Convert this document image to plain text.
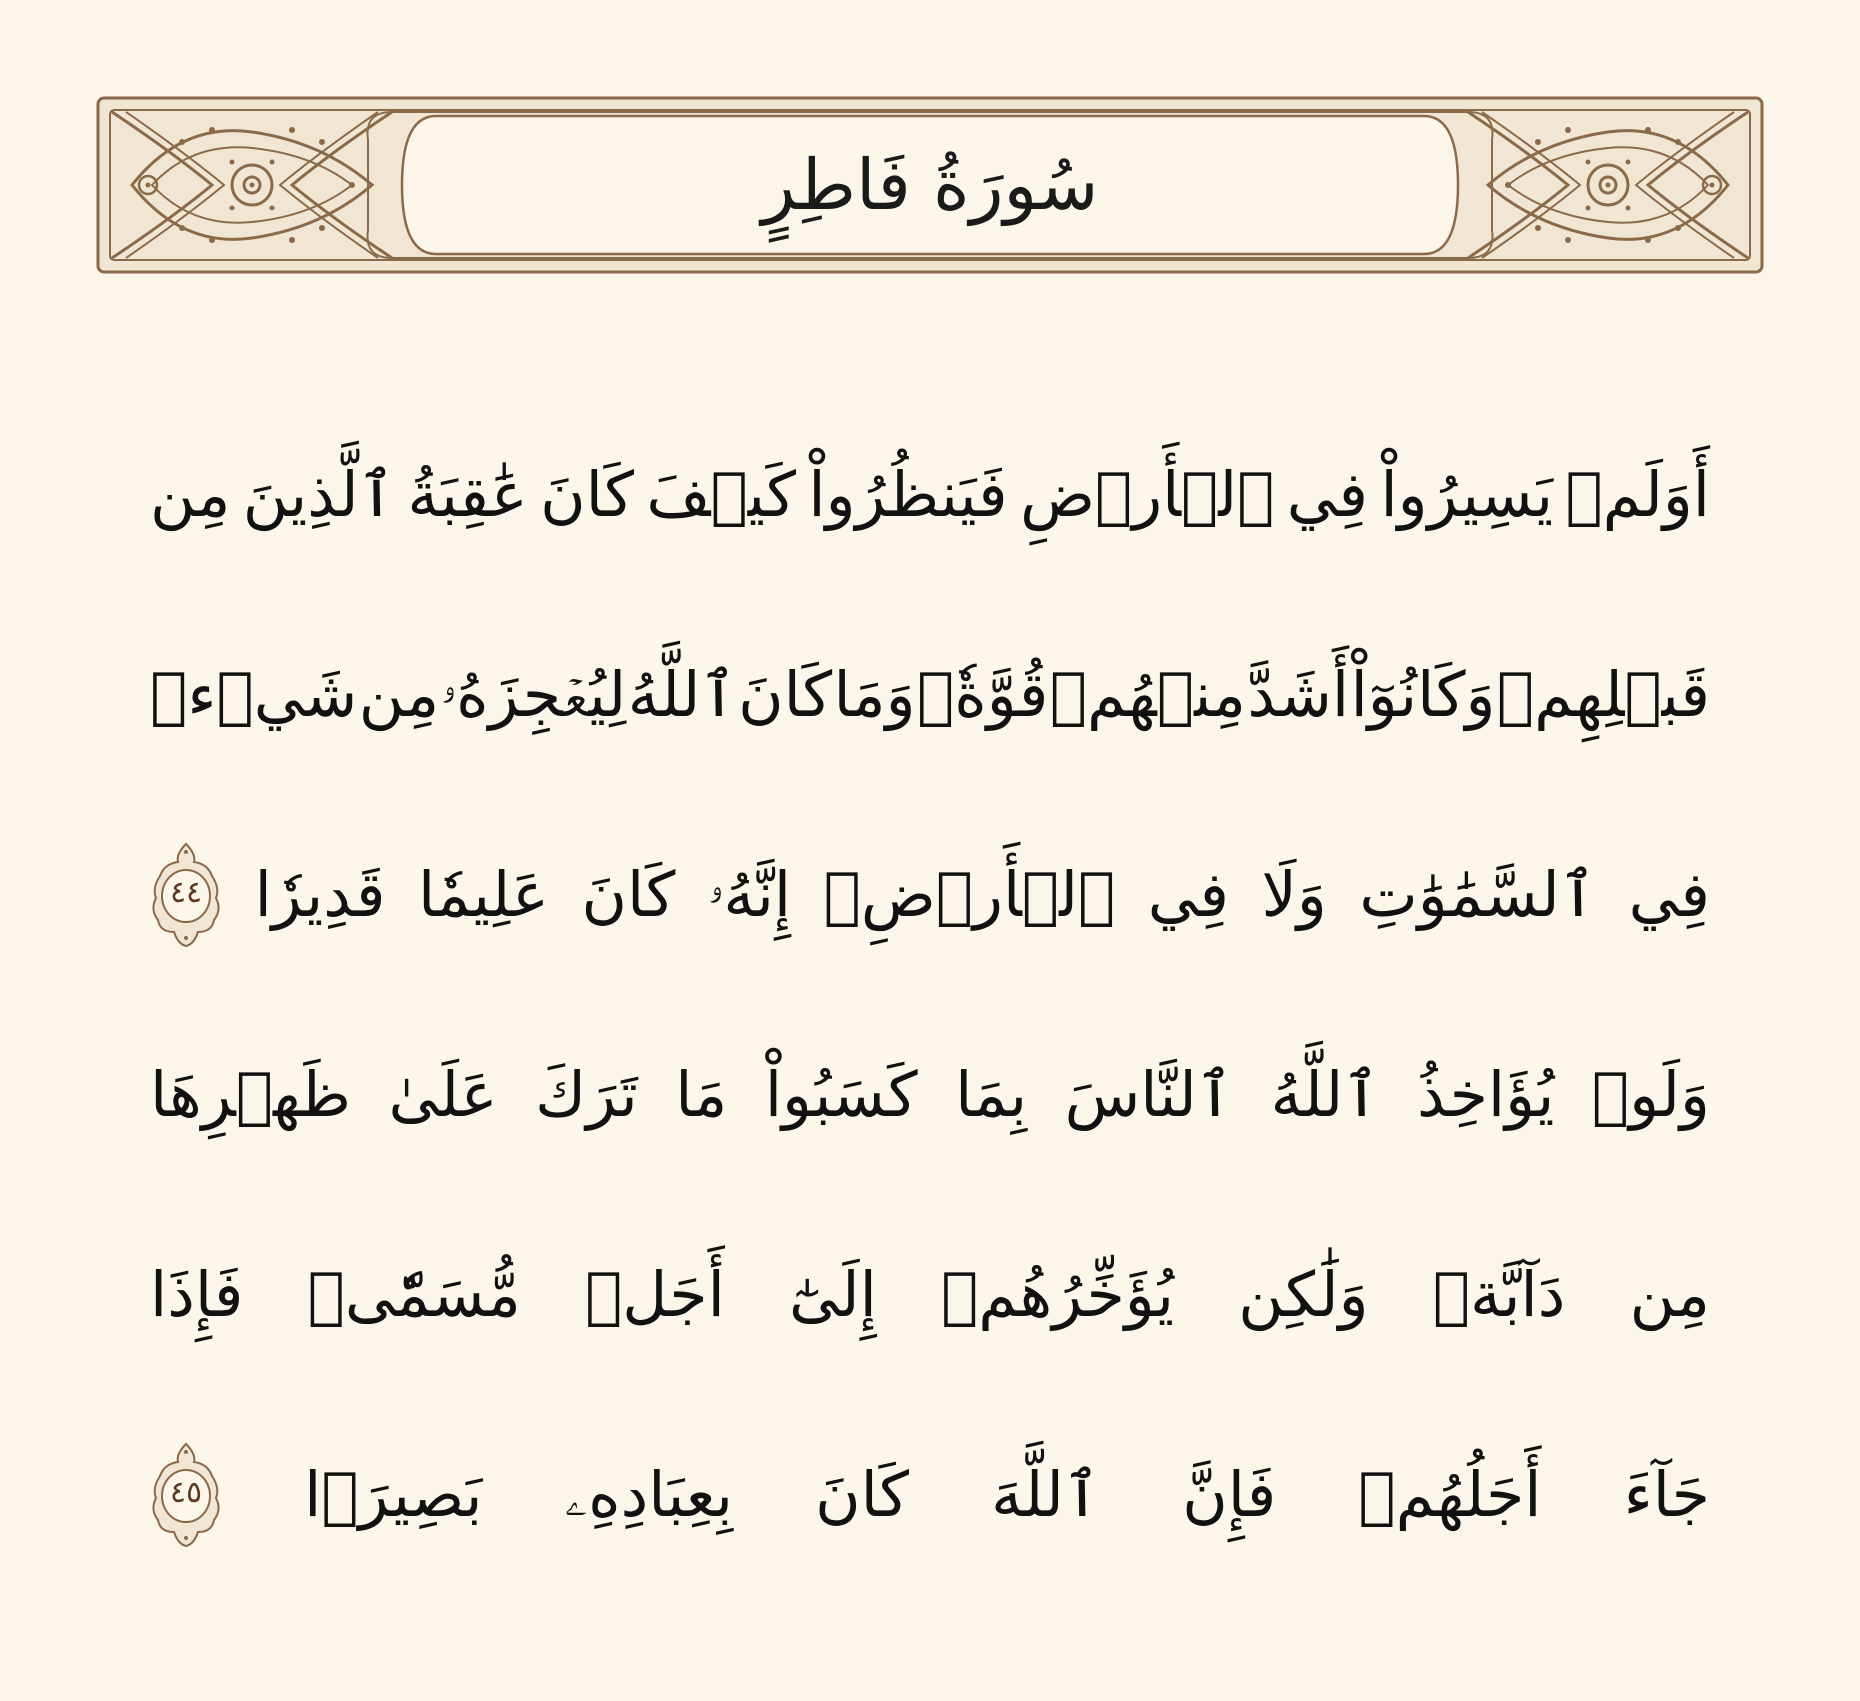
سُورَةُ فَاطِرٍ
أَوَلَمۡ
يَسِيرُواْ
فِي
ٱلۡأَرۡضِ
فَيَنظُرُواْ
كَيۡفَ
كَانَ
عَٰقِبَةُ
ٱلَّذِينَ
مِن
قَبۡلِهِمۡ
وَكَانُوٓاْ
أَشَدَّ
مِنۡهُمۡ
قُوَّةٗۚ
وَمَا
كَانَ
ٱللَّهُ
لِيُعۡجِزَهُۥ
مِن
شَيۡءٖ
فِي
ٱلسَّمَٰوَٰتِ
وَلَا
فِي
ٱلۡأَرۡضِۚ
إِنَّهُۥ
كَانَ
عَلِيمٗا
قَدِيرٗا
٤٤
وَلَوۡ
يُؤَاخِذُ
ٱللَّهُ
ٱلنَّاسَ
بِمَا
كَسَبُواْ
مَا
تَرَكَ
عَلَىٰ
ظَهۡرِهَا
مِن
دَآبَّةٖ
وَلَٰكِن
يُؤَخِّرُهُمۡ
إِلَىٰٓ
أَجَلٖ
مُّسَمّٗىۖ
فَإِذَا
جَآءَ
أَجَلُهُمۡ
فَإِنَّ
ٱللَّهَ
كَانَ
بِعِبَادِهِۦ
بَصِيرَۢا
٤٥
